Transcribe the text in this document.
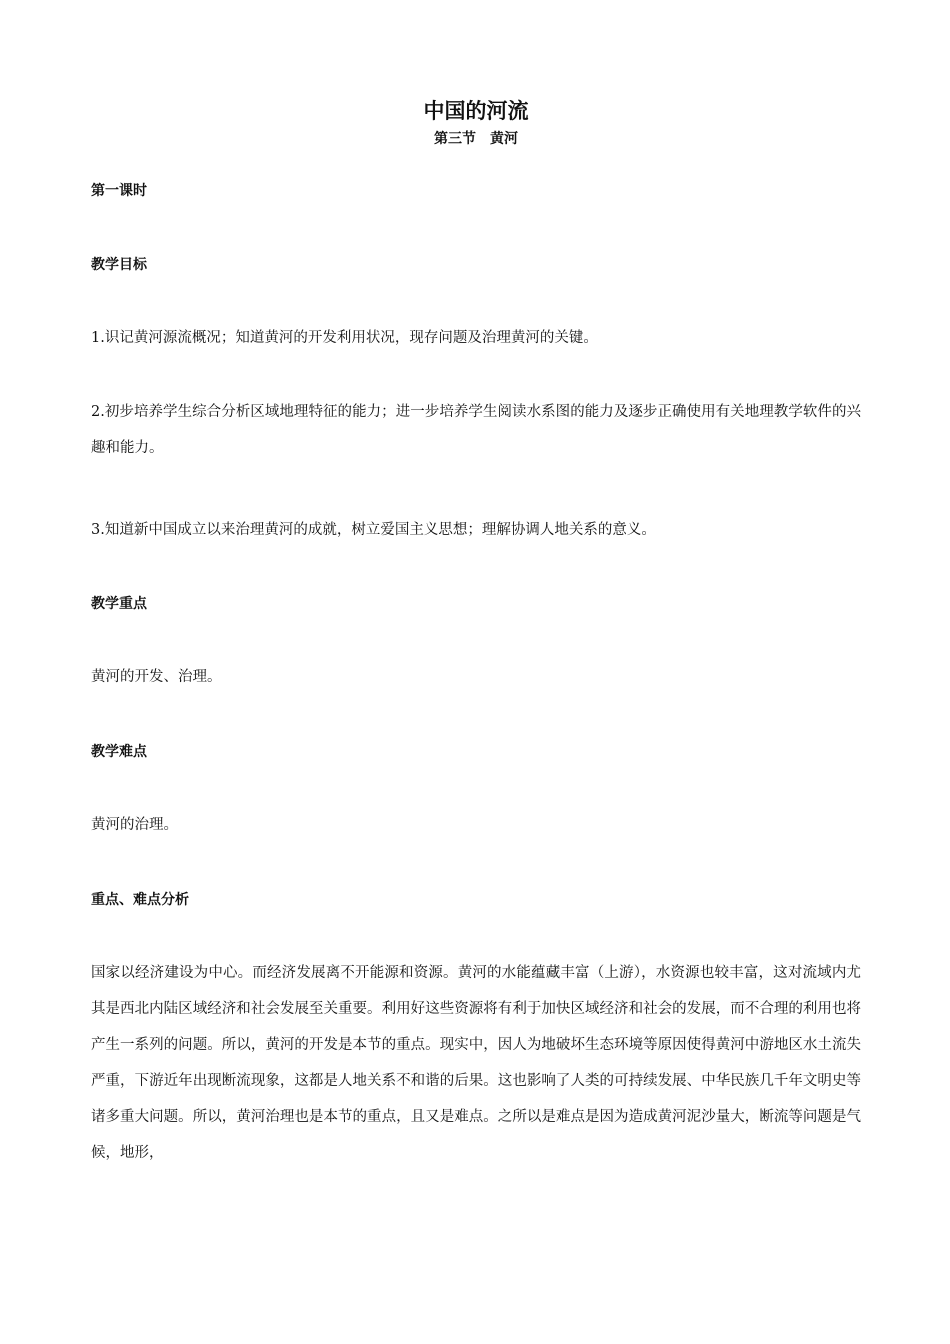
中国的河流
第三节　黄河
第一课时
教学目标

1.识记黄河源流概况；知道黄河的开发利用状况，现存问题及治理黄河的关键。

2.初步培养学生综合分析区域地理特征的能力；进一步培养学生阅读水系图的能力及逐步正确使用有关地理教学软件的兴趣和能力。

3.知道新中国成立以来治理黄河的成就，树立爱国主义思想；理解协调人地关系的意义。

教学重点

黄河的开发、治理。

教学难点

黄河的治理。

重点、难点分析

国家以经济建设为中心。而经济发展离不开能源和资源。黄河的水能蕴藏丰富（上游），水资源也较丰富，这对流域内尤其是西北内陆区域经济和社会发展至关重要。利用好这些资源将有利于加快区域经济和社会的发展，而不合理的利用也将产生一系列的问题。所以，黄河的开发是本节的重点。现实中，因人为地破坏生态环境等原因使得黄河中游地区水土流失严重，下游近年出现断流现象，这都是人地关系不和谐的后果。这也影响了人类的可持续发展、中华民族几千年文明史等诸多重大问题。所以，黄河治理也是本节的重点，且又是难点。之所以是难点是因为造成黄河泥沙量大，断流等问题是气候，地形，
